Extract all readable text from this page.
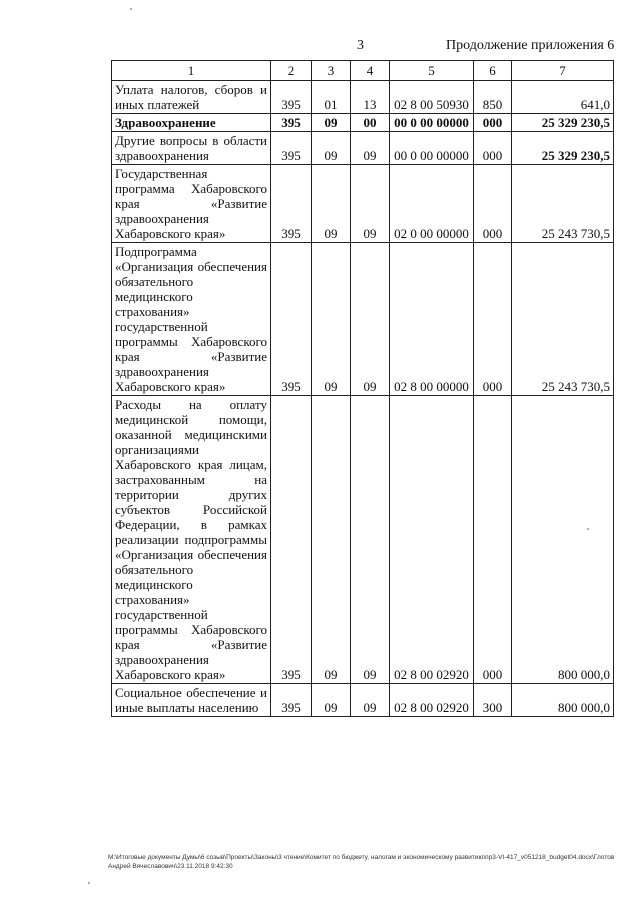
3	Продолжение приложения 6
1	2	3	4	5	6	7
Уплата налогов, сборов и иных платежей	395	01	13	02 8 00 50930	850	641,0
Здравоохранение	395	09	00	00 0 00 00000	000	25 329 230,5
Другие вопросы в области здравоохранения	395	09	09	00 0 00 00000	000	25 329 230,5
Государственная программа Хабаровского края «Развитие здравоохранения Хабаровского края»	395	09	09	02 0 00 00000	000	25 243 730,5
Подпрограмма «Организация обеспечения обязательного медицинского страхования» государственной программы Хабаровского края «Развитие здравоохранения Хабаровского края»	395	09	09	02 8 00 00000	000	25 243 730,5
Расходы на оплату медицинской помощи, оказанной медицинскими организациями Хабаровского края лицам, застрахованным на территории других субъектов Российской Федерации, в рамках реализации подпрограммы «Организация обеспечения обязательного медицинского страхования» государственной программы Хабаровского края «Развитие здравоохранения Хабаровского края»	395	09	09	02 8 00 02920	000	800 000,0
Социальное обеспечение и иные выплаты населению	395	09	09	02 8 00 02920	300	800 000,0
M:\Итоговые документы Думы\6 созыв\Проекты\Законы\3 чтение\Комитет по бюджету, налогам и экономическому развитию\пр3-VI-417_v051218_budget04.docx\Глотов Андрей Вячеславович\23.11.2018 9:42:30
